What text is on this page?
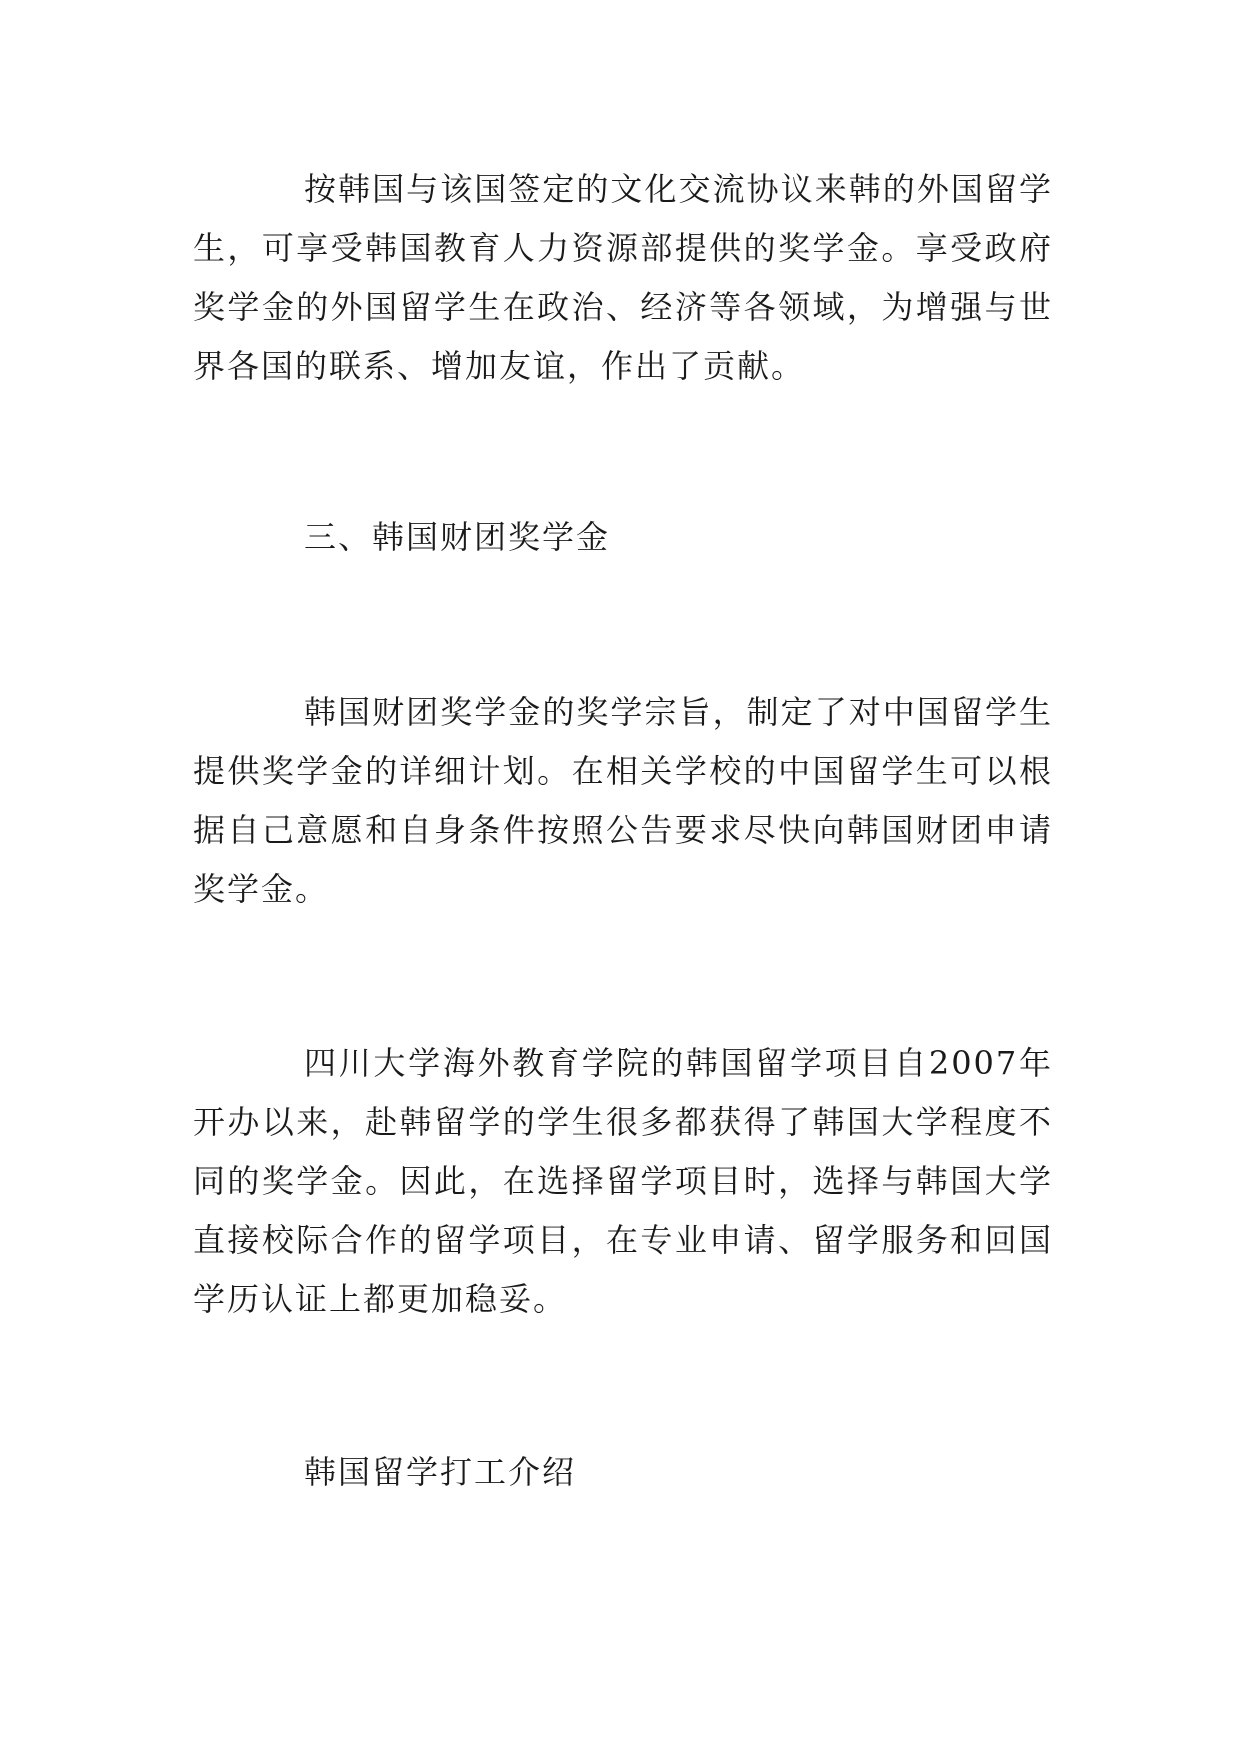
按韩国与该国签定的文化交流协议来韩的外国留学生，可享受韩国教育人力资源部提供的奖学金。享受政府奖学金的外国留学生在政治、经济等各领域，为增强与世界各国的联系、增加友谊，作出了贡献。

三、韩国财团奖学金

韩国财团奖学金的奖学宗旨，制定了对中国留学生提供奖学金的详细计划。在相关学校的中国留学生可以根据自己意愿和自身条件按照公告要求尽快向韩国财团申请奖学金。

四川大学海外教育学院的韩国留学项目自2007年开办以来，赴韩留学的学生很多都获得了韩国大学程度不同的奖学金。因此，在选择留学项目时，选择与韩国大学直接校际合作的留学项目，在专业申请、留学服务和回国学历认证上都更加稳妥。

韩国留学打工介绍
